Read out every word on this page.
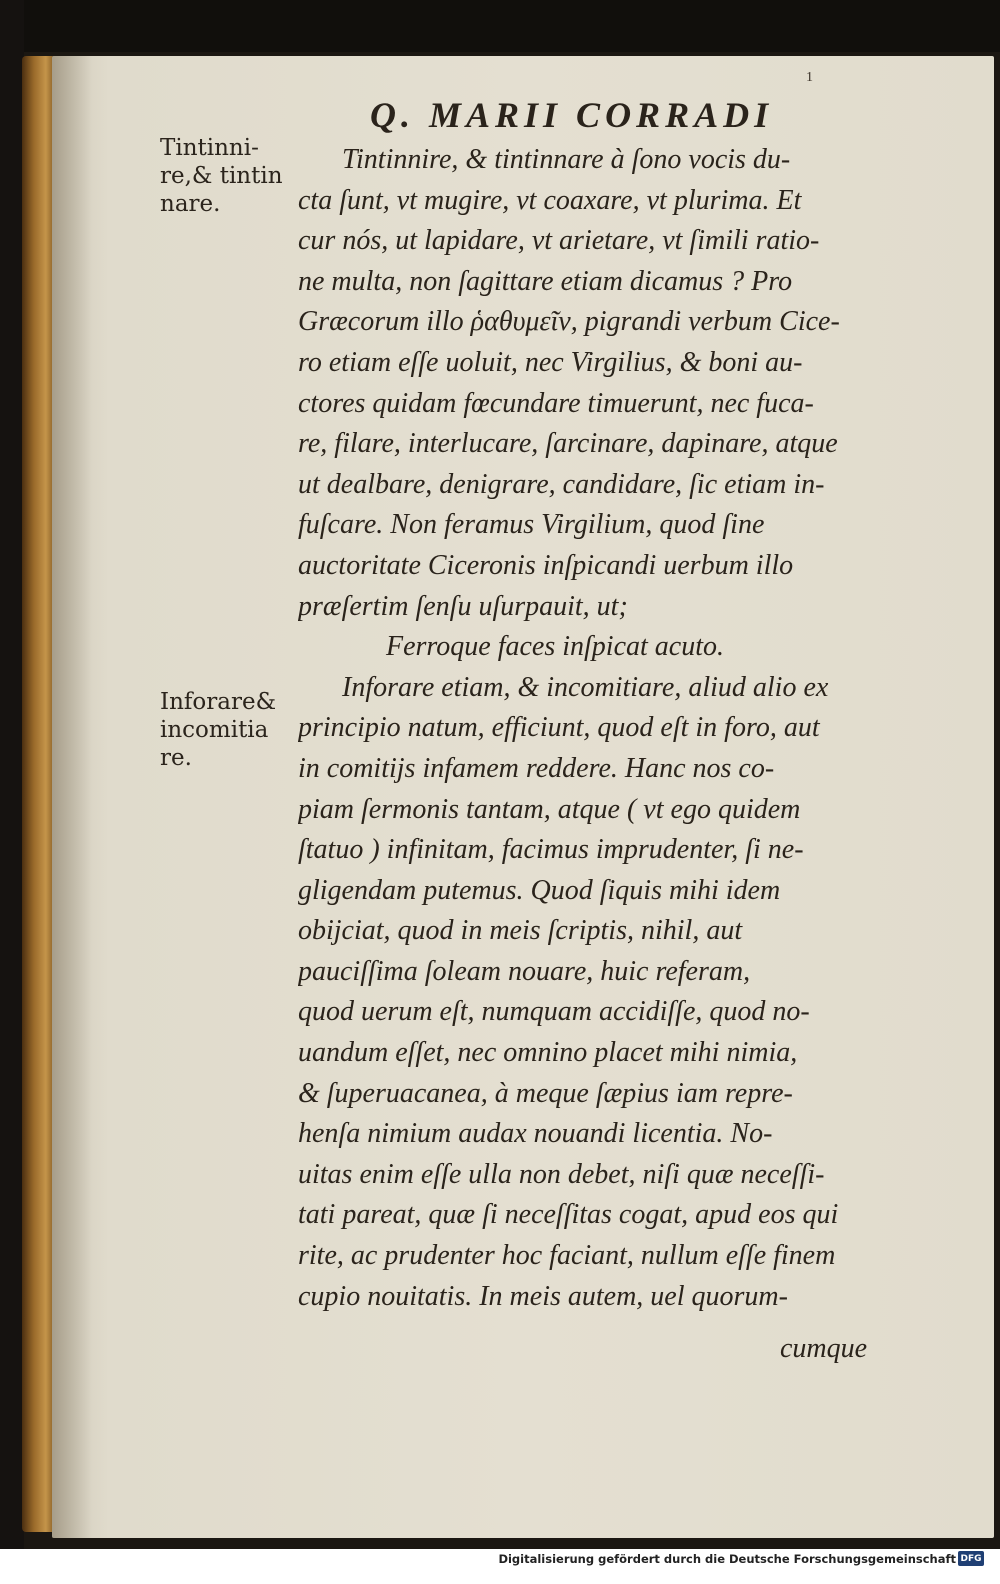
1

Q. MARII CORRADI
Tintinni-
re,& tintin
nare.
Inforare&
incomitia
re.
Tintinnire, & tintinnare à ſono vocis du-
cta ſunt, vt mugire, vt coaxare, vt plurima. Et
cur nós, ut lapidare, vt arietare, vt ſimili ratio-
ne multa, non ſagittare etiam dicamus ? Pro
Græcorum illo ῥαθυμεῖν, pigrandi verbum Cice-
ro etiam eſſe uoluit, nec Virgilius, & boni au-
ctores quidam fœcundare timuerunt, nec fuca-
re, filare, interlucare, ſarcinare, dapinare, atque
ut dealbare, denigrare, candidare, ſic etiam in-
fuſcare. Non feramus Virgilium, quod ſine
auctoritate Ciceronis inſpicandi uerbum illo
præſertim ſenſu uſurpauit, ut;
Ferroque faces inſpicat acuto.
Inforare etiam, & incomitiare, aliud alio ex
principio natum, efficiunt, quod eſt in foro, aut
in comitijs infamem reddere. Hanc nos co-
piam ſermonis tantam, atque ( vt ego quidem
ſtatuo ) infinitam, facimus imprudenter, ſi ne-
gligendam putemus. Quod ſiquis mihi idem
obijciat, quod in meis ſcriptis, nihil, aut
pauciſſima ſoleam nouare, huic referam,
quod uerum eſt, numquam accidiſſe, quod no-
uandum eſſet, nec omnino placet mihi nimia,
& ſuperuacanea, à meque ſæpius iam repre-
henſa nimium audax nouandi licentia. No-
uitas enim eſſe ulla non debet, niſi quæ neceſſi-
tati pareat, quæ ſi neceſſitas cogat, apud eos qui
rite, ac prudenter hoc faciant, nullum eſſe finem
cupio nouitatis. In meis autem, uel quorum-

cumque

Digitalisierung gefördert durch die Deutsche Forschungsgemeinschaft DFG
